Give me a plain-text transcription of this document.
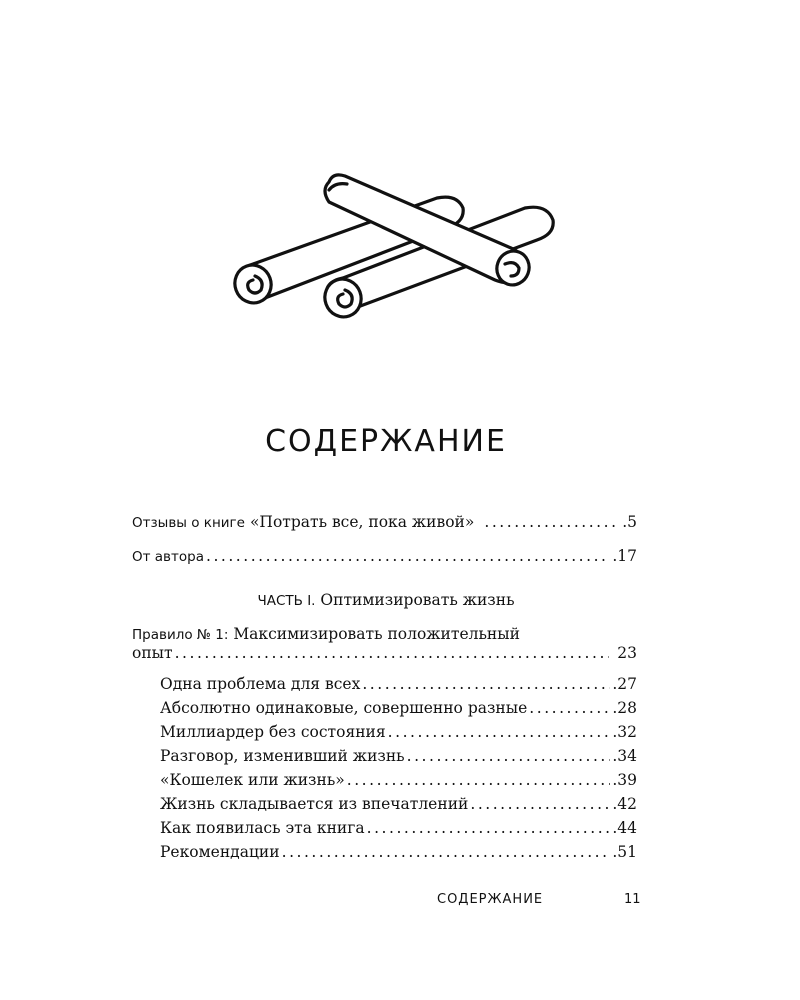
СОДЕРЖАНИЕ
Отзывы о книге «Потрать все, пока живой» . . .	.5
От автора . . .	.17
ЧАСТЬ I. Оптимизировать жизнь
Правило № 1: Максимизировать положительный
опыт . . .	23
Одна проблема для всех . . .	.27
Абсолютно одинаковые, совершенно разные . . .	.28
Миллиардер без состояния . . .	.32
Разговор, изменивший жизнь . . .	.34
«Кошелек или жизнь» . . .	.39
Жизнь складывается из впечатлений . . .	.42
Как появилась эта книга . . .	.44
Рекомендации . . .	.51
СОДЕРЖАНИЕ	11
